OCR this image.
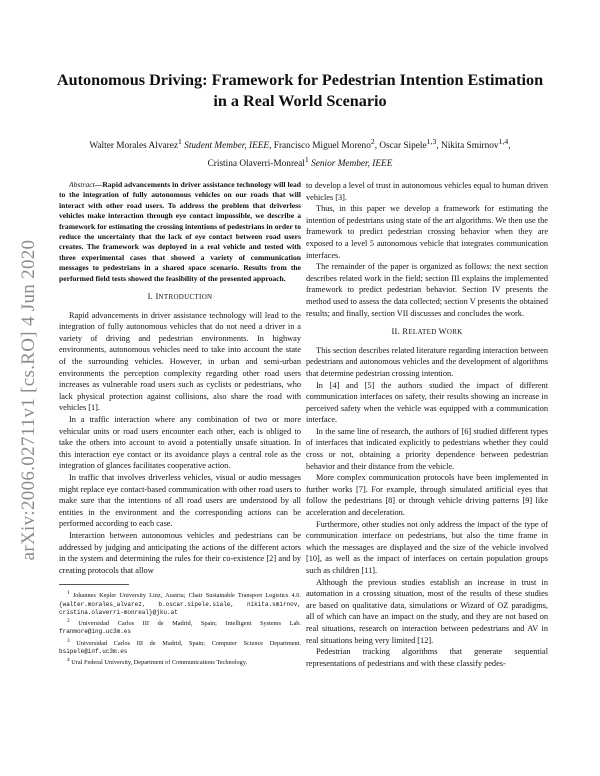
arXiv:2006.02711v1 [cs.RO] 4 Jun 2020
Autonomous Driving: Framework for Pedestrian Intention Estimation
in a Real World Scenario
Walter Morales Alvarez$^1$ Student Member, IEEE, Francisco Miguel Moreno$^2$, Oscar Sipele$^{1,3}$, Nikita Smirnov$^{1,4}$,
Cristina Olaverri-Monreal$^1$ Senior Member, IEEE

Abstract—Rapid advancements in driver assistance technology will lead to the integration of fully autonomous vehicles on our roads that will interact with other road users. To address the problem that driverless vehicles make interaction through eye contact impossible, we describe a framework for estimating the crossing intentions of pedestrians in order to reduce the uncertainty that the lack of eye contact between road users creates. The framework was deployed in a real vehicle and tested with three experimental cases that showed a variety of communication messages to pedestrians in a shared space scenario. Results from the performed field tests showed the feasibility of the presented approach.

I. INTRODUCTION

Rapid advancements in driver assistance technology will lead to the integration of fully autonomous vehicles that do not need a driver in a variety of driving and pedestrian environments. In highway environments, autonomous vehicles need to take into account the state of the surrounding vehicles. However, in urban and semi-urban environments the perception complexity regarding other road users increases as vulnerable road users such as cyclists or pedestrians, who lack physical protection against collisions, also share the road with vehicles [1].

In a traffic interaction where any combination of two or more vehicular units or road users encounter each other, each is obliged to take the others into account to avoid a potentially unsafe situation. In this interaction eye contact or its avoidance plays a central role as the integration of glances facilitates cooperative action.

In traffic that involves driverless vehicles, visual or audio messages might replace eye contact-based communication with other road users to make sure that the intentions of all road users are understood by all entities in the environment and the corresponding actions can be performed according to each case.

Interaction between autonomous vehicles and pedestrians can be addressed by judging and anticipating the actions of the different actors in the system and determining the rules for their co-existence [2] and by creating protocols that allow

$^1$ Johannes Kepler University Linz, Austria; Chair Sustainable Transport Logistics 4.0. {walter.morales_alvarez, b.oscar.sipele.siale, nikita.smirnov, cristina.olaverri-monreal}@jku.at

$^2$ Universidad Carlos III de Madrid, Spain; Intelligent Systems Lab. franmore@ing.uc3m.es

$^3$ Universidad Carlos III de Madrid, Spain; Computer Science Department. bsipele@inf.uc3m.es

$^4$ Ural Federal University, Department of Communications Technology.

to develop a level of trust in autonomous vehicles equal to human driven vehicles [3].

Thus, in this paper we develop a framework for estimating the intention of pedestrians using state of the art algorithms. We then use the framework to predict pedestrian crossing behavior when they are exposed to a level 5 autonomous vehicle that integrates communication interfaces.

The remainder of the paper is organized as follows: the next section describes related work in the field; section III explains the implemented framework to predict pedestrian behavior. Section IV presents the method used to assess the data collected; section V presents the obtained results; and finally, section VII discusses and concludes the work.

II. RELATED WORK

This section describes related literature regarding interaction between pedestrians and autonomous vehicles and the development of algorithms that determine pedestrian crossing intention.

In [4] and [5] the authors studied the impact of different communication interfaces on safety, their results showing an increase in perceived safety when the vehicle was equipped with a communication interface.

In the same line of research, the authors of [6] studied different types of interfaces that indicated explicitly to pedestrians whether they could cross or not, obtaining a priority dependence between pedestrian behavior and their distance from the vehicle.

More complex communication protocols have been implemented in further works [7]. For example, through simulated artificial eyes that follow the pedestrians [8] or through vehicle driving patterns [9] like acceleration and deceleration.

Furthermore, other studies not only address the impact of the type of communication interface on pedestrians, but also the time frame in which the messages are displayed and the size of the vehicle involved [10], as well as the impact of interfaces on certain population groups such as children [11].

Although the previous studies establish an increase in trust in automation in a crossing situation, most of the results of these studies are based on qualitative data, simulations or Wizard of OZ paradigms, all of which can have an impact on the study, and they are not based on real situations, research on interaction between pedestrians and AV in real situations being very limited [12].

Pedestrian tracking algorithms that generate sequential representations of pedestrians and with these classify pedes-
